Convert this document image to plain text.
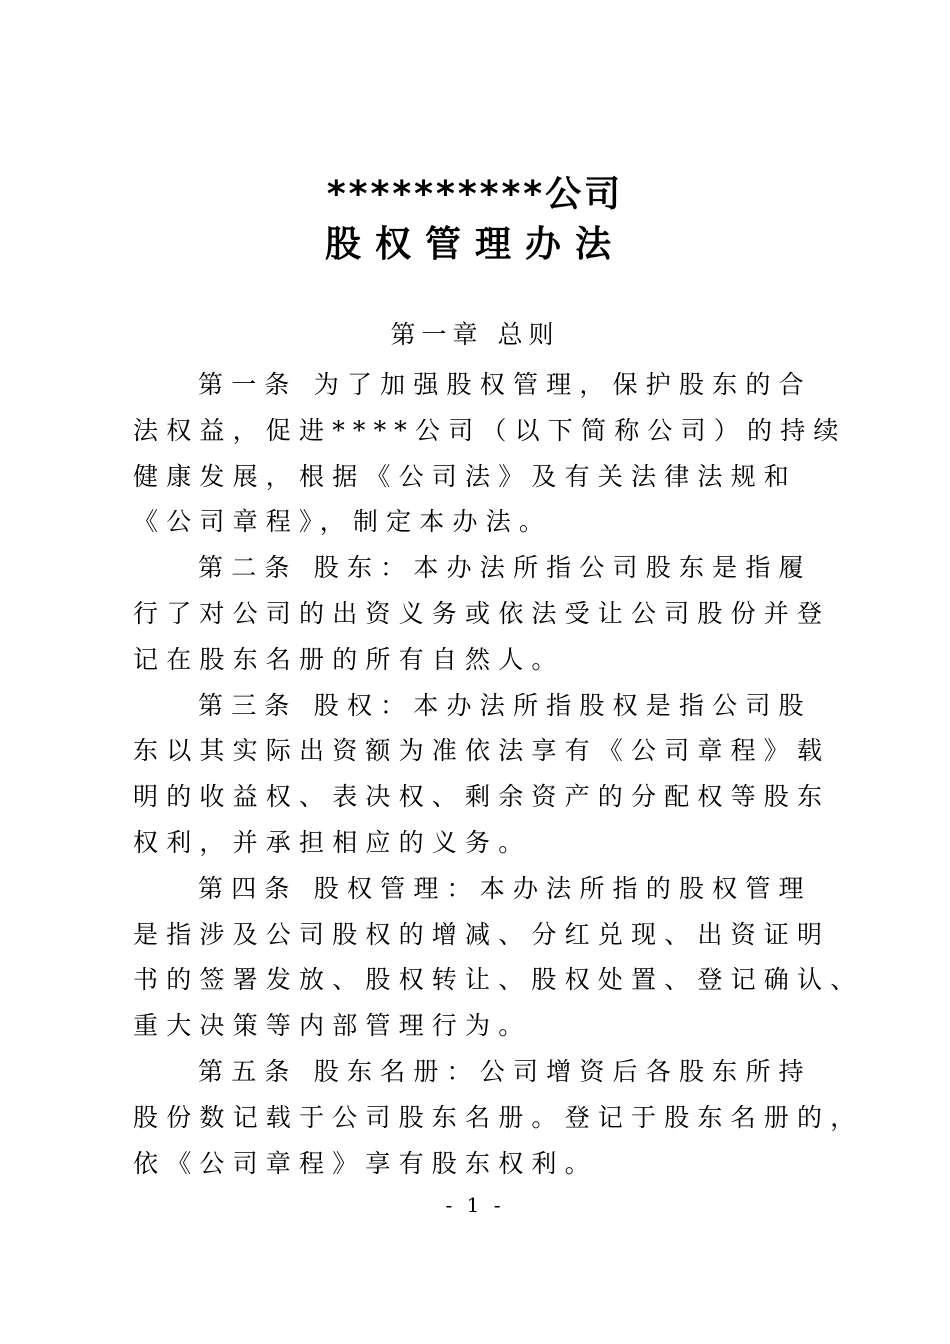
**********公司
股权管理办法
第一章 总则
第一条 为了加强股权管理，保护股东的合
法权益，促进****公司（以下简称公司）的持续
健康发展，根据《公司法》及有关法律法规和
《公司章程》，制定本办法。
第二条 股东：本办法所指公司股东是指履
行了对公司的出资义务或依法受让公司股份并登
记在股东名册的所有自然人。
第三条 股权：本办法所指股权是指公司股
东以其实际出资额为准依法享有《公司章程》载
明的收益权、表决权、剩余资产的分配权等股东
权利，并承担相应的义务。
第四条 股权管理：本办法所指的股权管理
是指涉及公司股权的增减、分红兑现、出资证明
书的签署发放、股权转让、股权处置、登记确认、
重大决策等内部管理行为。
第五条 股东名册：公司增资后各股东所持
股份数记载于公司股东名册。登记于股东名册的，
依《公司章程》享有股东权利。
- 1 -
